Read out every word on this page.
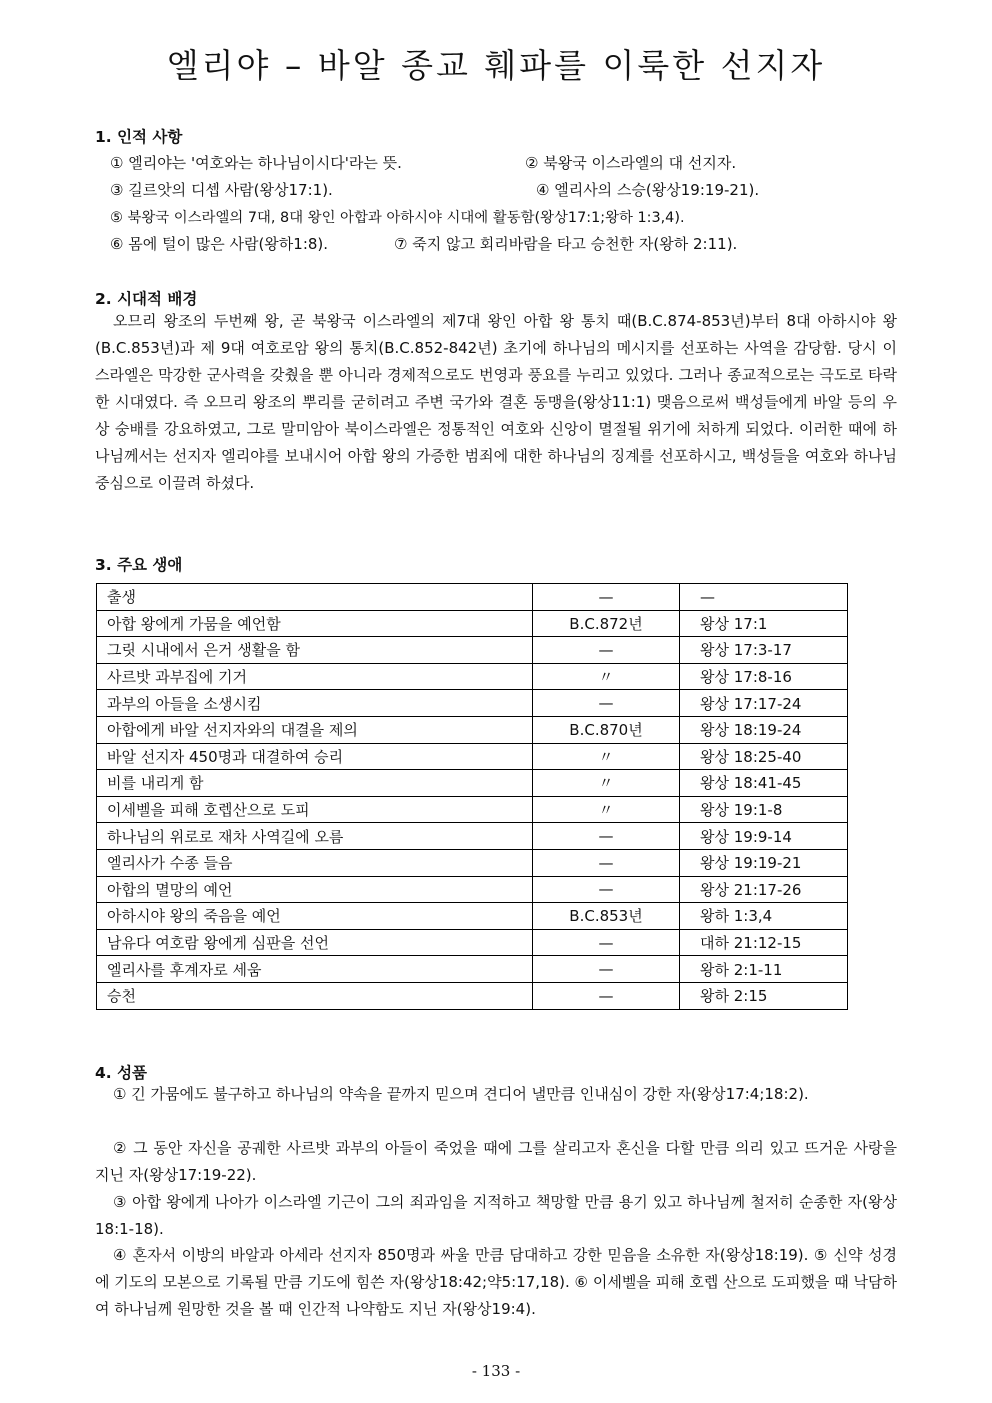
엘리야 – 바알 종교 훼파를 이룩한 선지자
1. 인적 사항
① 엘리야는 '여호와는 하나님이시다'라는 뜻.	② 북왕국 이스라엘의 대 선지자.
③ 길르앗의 디셉 사람(왕상17:1).	④ 엘리사의 스승(왕상19:19-21).
⑤ 북왕국 이스라엘의 7대, 8대 왕인 아합과 아하시야 시대에 활동함(왕상17:1;왕하 1:3,4).
⑥ 몸에 털이 많은 사람(왕하1:8).	⑦ 죽지 않고 회리바람을 타고 승천한 자(왕하 2:11).
2. 시대적 배경
오므리 왕조의 두번째 왕, 곧 북왕국 이스라엘의 제7대 왕인 아합 왕 통치 때(B.C.874-853년)부터 8대 아하시야 왕(B.C.853년)과 제 9대 여호로암 왕의 통치(B.C.852-842년) 초기에 하나님의 메시지를 선포하는 사역을 감당함. 당시 이스라엘은 막강한 군사력을 갖췄을 뿐 아니라 경제적으로도 번영과 풍요를 누리고 있었다. 그러나 종교적으로는 극도로 타락한 시대였다. 즉 오므리 왕조의 뿌리를 굳히려고 주변 국가와 결혼 동맹을(왕상11:1) 맺음으로써 백성들에게 바알 등의 우상 숭배를 강요하였고, 그로 말미암아 북이스라엘은 정통적인 여호와 신앙이 멸절될 위기에 처하게 되었다. 이러한 때에 하나님께서는 선지자 엘리야를 보내시어 아합 왕의 가증한 범죄에 대한 하나님의 징계를 선포하시고, 백성들을 여호와 하나님 중심으로 이끌려 하셨다.
3. 주요 생애
출생	—	—
아합 왕에게 가뭄을 예언함	B.C.872년	왕상 17:1
그릿 시내에서 은거 생활을 함	—	왕상 17:3-17
사르밧 과부집에 기거	〃	왕상 17:8-16
과부의 아들을 소생시킴	—	왕상 17:17-24
아합에게 바알 선지자와의 대결을 제의	B.C.870년	왕상 18:19-24
바알 선지자 450명과 대결하여 승리	〃	왕상 18:25-40
비를 내리게 함	〃	왕상 18:41-45
이세벨을 피해 호렙산으로 도피	〃	왕상 19:1-8
하나님의 위로로 재차 사역길에 오름	—	왕상 19:9-14
엘리사가 수종 들음	—	왕상 19:19-21
아합의 멸망의 예언	—	왕상 21:17-26
아하시야 왕의 죽음을 예언	B.C.853년	왕하 1:3,4
남유다 여호람 왕에게 심판을 선언	—	대하 21:12-15
엘리사를 후계자로 세움	—	왕하 2:1-11
승천	—	왕하 2:15
4. 성품
① 긴 가뭄에도 불구하고 하나님의 약속을 끝까지 믿으며 견디어 낼만큼 인내심이 강한 자(왕상17:4;18:2).
② 그 동안 자신을 공궤한 사르밧 과부의 아들이 죽었을 때에 그를 살리고자 혼신을 다할 만큼 의리 있고 뜨거운 사랑을 지닌 자(왕상17:19-22).
③ 아합 왕에게 나아가 이스라엘 기근이 그의 죄과임을 지적하고 책망할 만큼 용기 있고 하나님께 철저히 순종한 자(왕상18:1-18).
④ 혼자서 이방의 바알과 아세라 선지자 850명과 싸울 만큼 담대하고 강한 믿음을 소유한 자(왕상18:19). ⑤ 신약 성경에 기도의 모본으로 기록될 만큼 기도에 힘쓴 자(왕상18:42;약5:17,18). ⑥ 이세벨을 피해 호렙 산으로 도피했을 때 낙담하여 하나님께 원망한 것을 볼 때 인간적 나약함도 지닌 자(왕상19:4).
- 133 -
